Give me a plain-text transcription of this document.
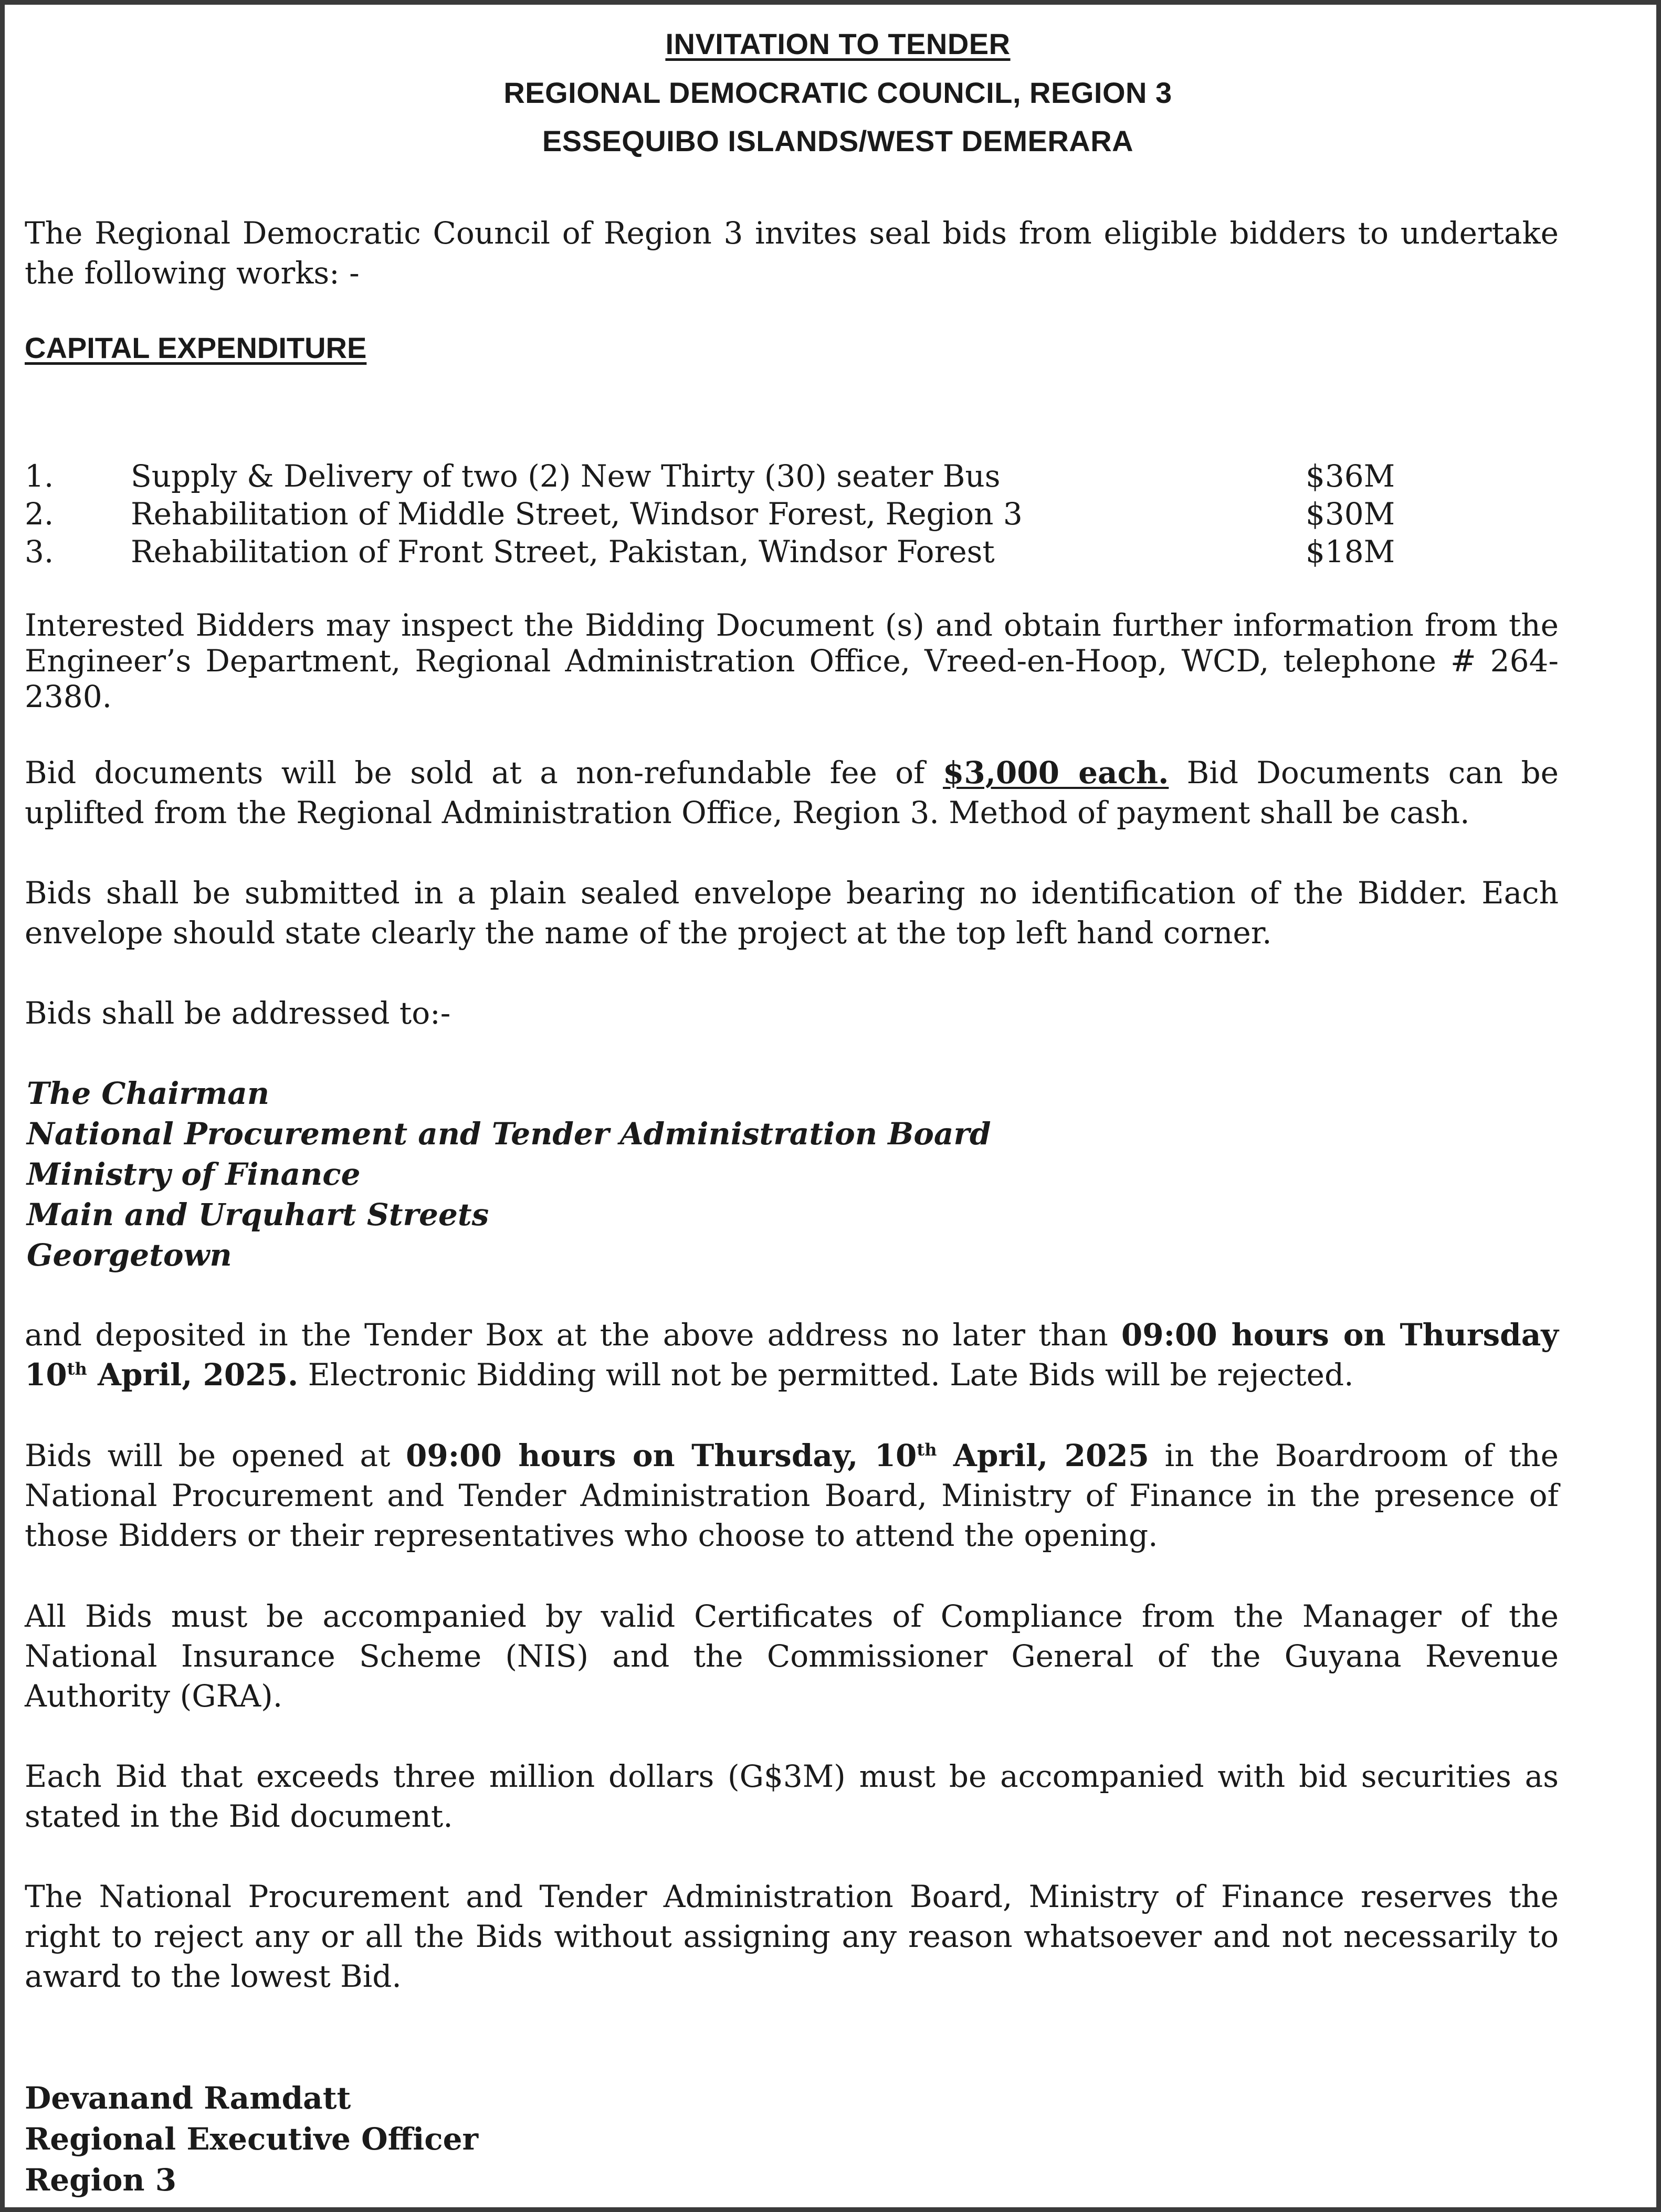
INVITATION TO TENDER
REGIONAL DEMOCRATIC COUNCIL, REGION 3
ESSEQUIBO ISLANDS/WEST DEMERARA
The Regional Democratic Council of Region 3 invites seal bids from eligible bidders to undertake the following works: -
CAPITAL EXPENDITURE
1.	Supply & Delivery of two (2) New Thirty (30) seater Bus	$36M
2.	Rehabilitation of Middle Street, Windsor Forest, Region 3	$30M
3.	Rehabilitation of Front Street, Pakistan, Windsor Forest	$18M
Interested Bidders may inspect the Bidding Document (s) and obtain further information from the Engineer’s Department, Regional Administration Office, Vreed-en-Hoop, WCD, telephone # 264-2380.
Bid documents will be sold at a non-refundable fee of $3,000 each. Bid Documents can be uplifted from the Regional Administration Office, Region 3. Method of payment shall be cash.
Bids shall be submitted in a plain sealed envelope bearing no identification of the Bidder. Each envelope should state clearly the name of the project at the top left hand corner.
Bids shall be addressed to:-
The Chairman
National Procurement and Tender Administration Board
Ministry of Finance
Main and Urquhart Streets
Georgetown
and deposited in the Tender Box at the above address no later than 09:00 hours on Thursday 10th April, 2025. Electronic Bidding will not be permitted. Late Bids will be rejected.
Bids will be opened at 09:00 hours on Thursday, 10th April, 2025 in the Boardroom of the National Procurement and Tender Administration Board, Ministry of Finance in the presence of those Bidders or their representatives who choose to attend the opening.
All Bids must be accompanied by valid Certificates of Compliance from the Manager of the National Insurance Scheme (NIS) and the Commissioner General of the Guyana Revenue Authority (GRA).
Each Bid that exceeds three million dollars (G$3M) must be accompanied with bid securities as stated in the Bid document.
The National Procurement and Tender Administration Board, Ministry of Finance reserves the right to reject any or all the Bids without assigning any reason whatsoever and not necessarily to award to the lowest Bid.
Devanand Ramdatt
Regional Executive Officer
Region 3
